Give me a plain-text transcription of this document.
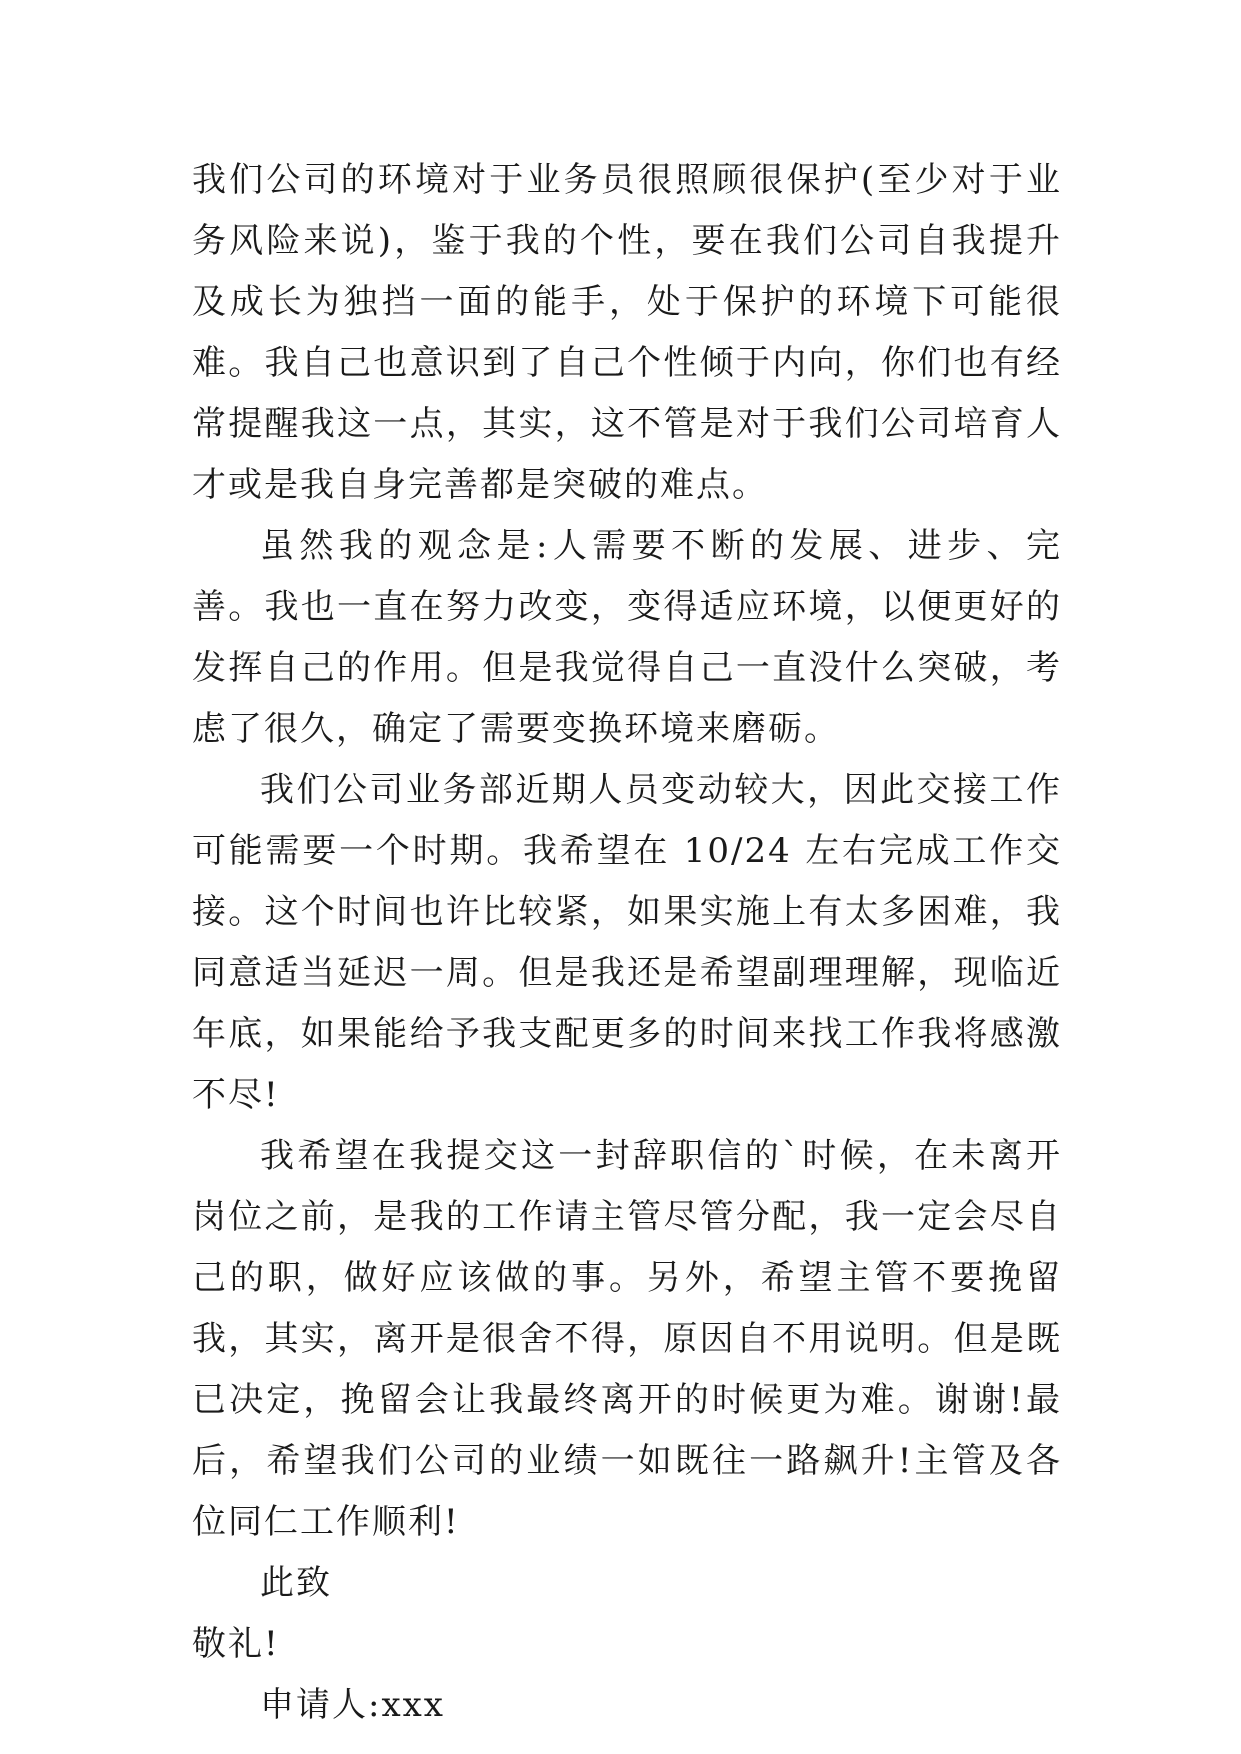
我们公司的环境对于业务员很照顾很保护(至少对于业务风险来说)，鉴于我的个性，要在我们公司自我提升及成长为独挡一面的能手，处于保护的环境下可能很难。我自己也意识到了自己个性倾于内向，你们也有经常提醒我这一点，其实，这不管是对于我们公司培育人才或是我自身完善都是突破的难点。

虽然我的观念是:人需要不断的发展、进步、完善。我也一直在努力改变，变得适应环境，以便更好的发挥自己的作用。但是我觉得自己一直没什么突破，考虑了很久，确定了需要变换环境来磨砺。

我们公司业务部近期人员变动较大，因此交接工作可能需要一个时期。我希望在 10/24 左右完成工作交接。这个时间也许比较紧，如果实施上有太多困难，我同意适当延迟一周。但是我还是希望副理理解，现临近年底，如果能给予我支配更多的时间来找工作我将感激不尽!

我希望在我提交这一封辞职信的`时候，在未离开岗位之前，是我的工作请主管尽管分配，我一定会尽自己的职，做好应该做的事。另外，希望主管不要挽留我，其实，离开是很舍不得，原因自不用说明。但是既已决定，挽留会让我最终离开的时候更为难。谢谢!最后，希望我们公司的业绩一如既往一路飙升!主管及各位同仁工作顺利!

此致

敬礼!

申请人:xxx
